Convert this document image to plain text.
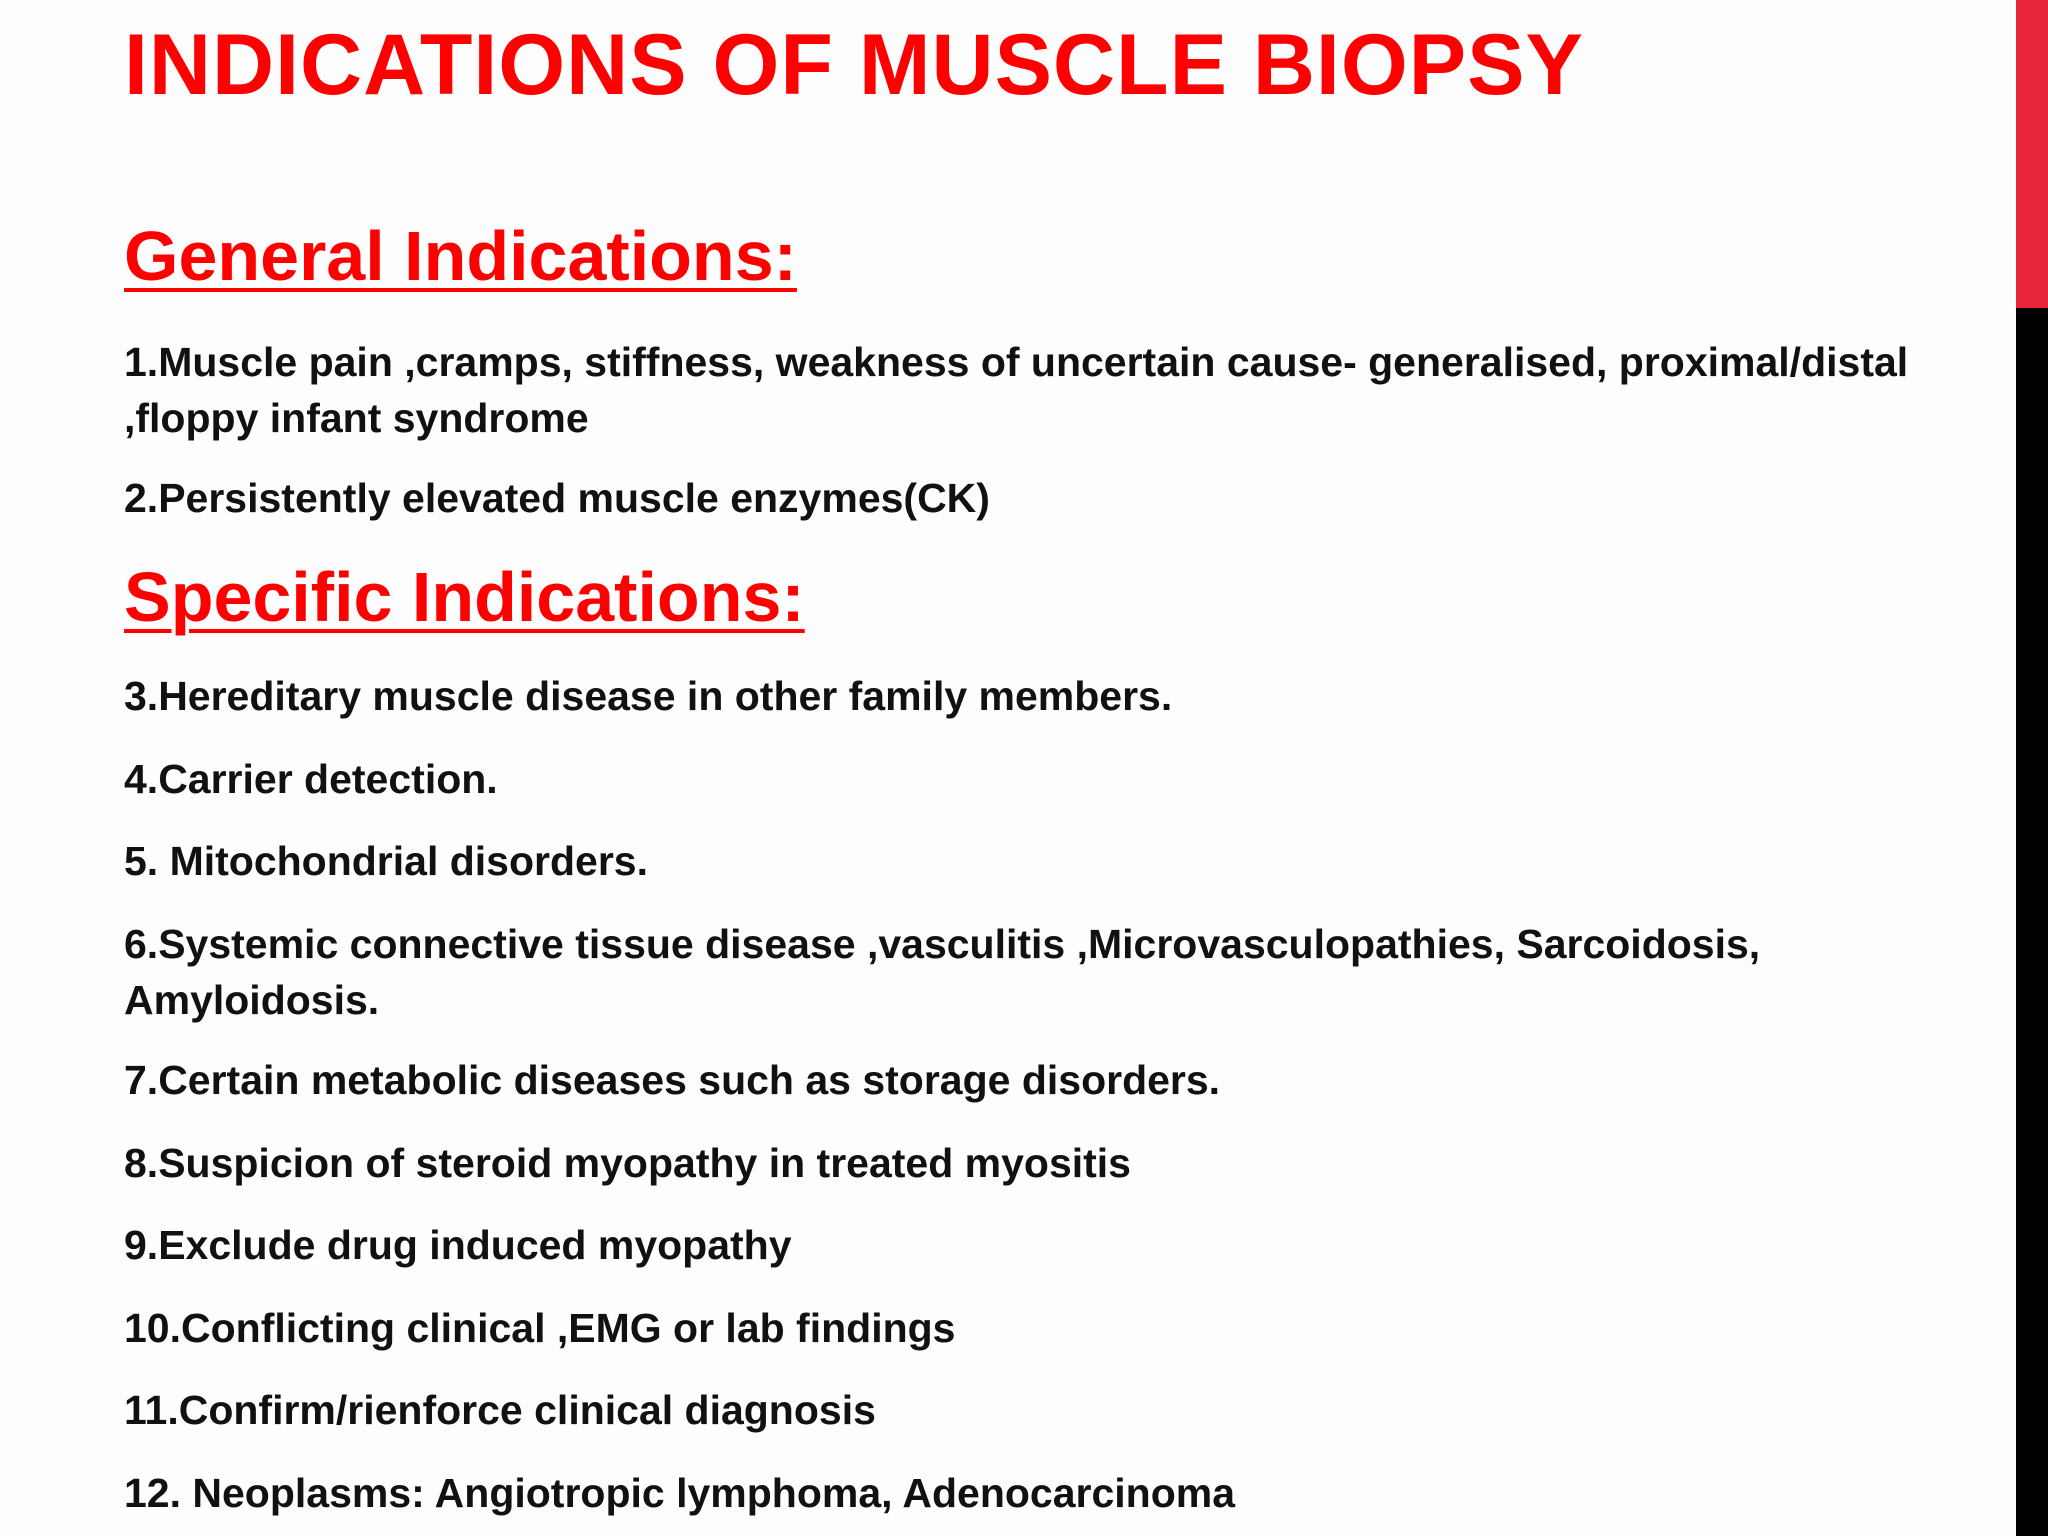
INDICATIONS OF MUSCLE BIOPSY
General Indications:

1.Muscle pain ,cramps, stiffness, weakness of uncertain cause- generalised, proximal/distal ,floppy infant syndrome

2.Persistently elevated muscle enzymes(CK)

Specific Indications:

3.Hereditary muscle disease in other family members.

4.Carrier detection.

5. Mitochondrial disorders.

6.Systemic connective tissue disease ,vasculitis ,Microvasculopathies, Sarcoidosis, Amyloidosis.

7.Certain metabolic diseases such as storage disorders.

8.Suspicion of steroid myopathy in treated myositis

9.Exclude drug induced myopathy

10.Conflicting clinical ,EMG or lab findings

11.Confirm/rienforce clinical diagnosis

12. Neoplasms: Angiotropic lymphoma, Adenocarcinoma
